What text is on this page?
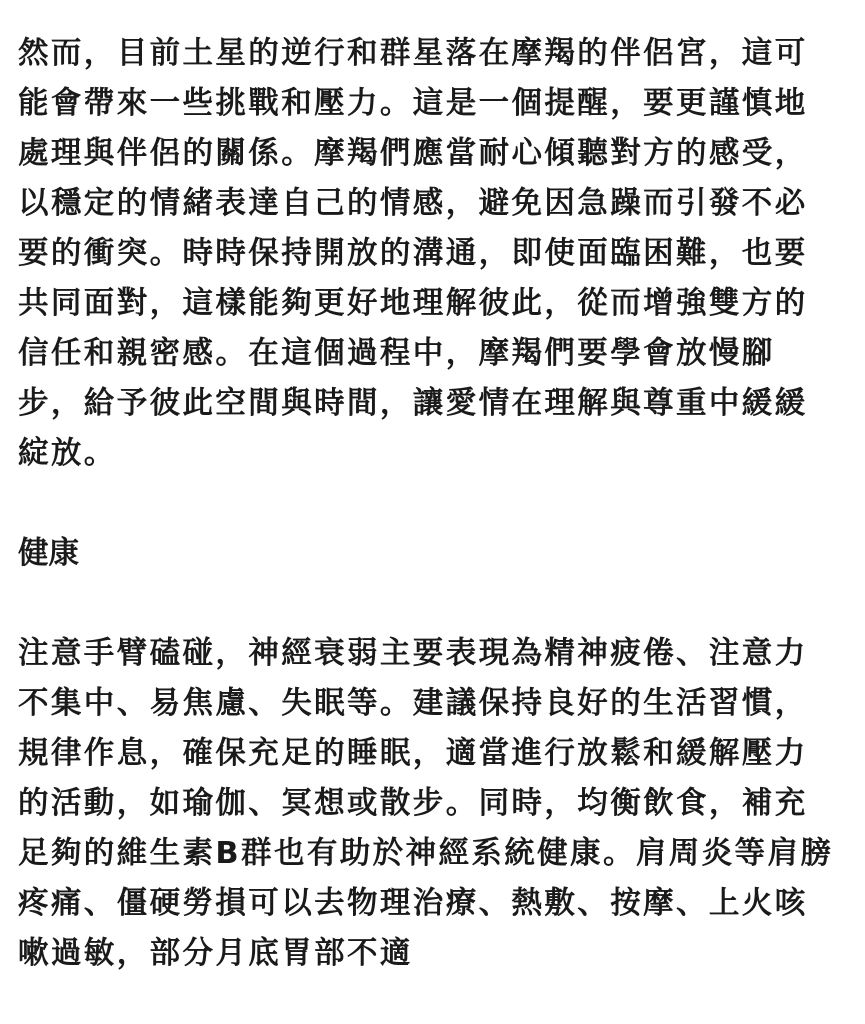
然而，目前土星的逆行和群星落在摩羯的伴侶宮，這可
能會帶來一些挑戰和壓力。這是一個提醒，要更謹慎地
處理與伴侶的關係。摩羯們應當耐心傾聽對方的感受，
以穩定的情緒表達自己的情感，避免因急躁而引發不必
要的衝突。時時保持開放的溝通，即使面臨困難，也要
共同面對，這樣能夠更好地理解彼此，從而增強雙方的
信任和親密感。在這個過程中，摩羯們要學會放慢腳
步，給予彼此空間與時間，讓愛情在理解與尊重中緩緩
綻放。
健康
注意手臂磕碰，神經衰弱主要表現為精神疲倦、注意力
不集中、易焦慮、失眠等。建議保持良好的生活習慣，
規律作息，確保充足的睡眠，適當進行放鬆和緩解壓力
的活動，如瑜伽、冥想或散步。同時，均衡飲食，補充
足夠的維生素B群也有助於神經系統健康。肩周炎等肩膀
疼痛、僵硬勞損可以去物理治療、熱敷、按摩、上火咳
嗽過敏，部分月底胃部不適
